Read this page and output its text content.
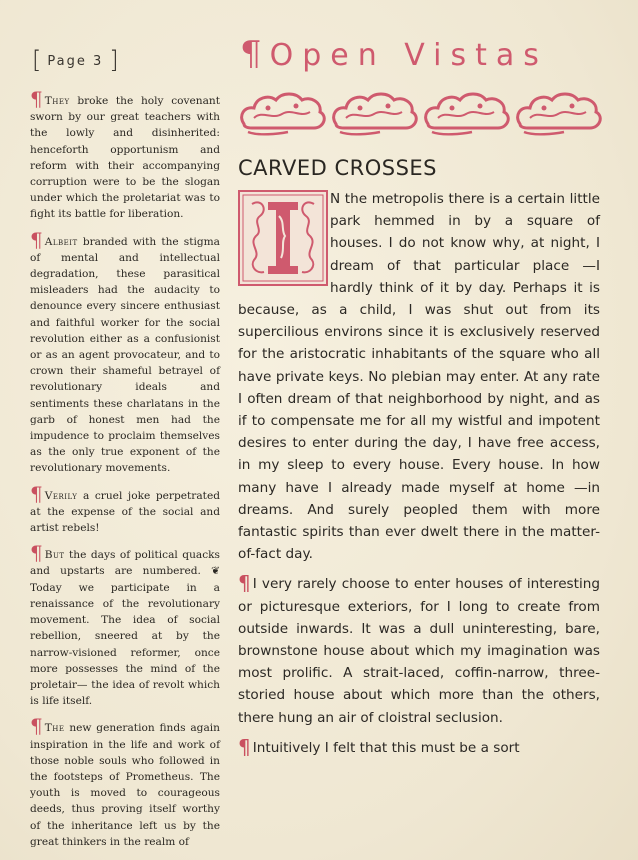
[ Page 3 ]	¶ Open Vistas

¶ They broke the holy covenant sworn by our great teachers with the lowly and disinherited: henceforth opportunism and reform with their accompanying corruption were to be the slogan under which the proletariat was to fight its battle for liberation.

¶ Albeit branded with the stigma of mental and intellectual degradation, these parasitical misleaders had the audacity to denounce every sincere enthusiast and faithful worker for the social revolution either as a confusionist or as an agent provocateur, and to crown their shameful betrayel of revolutionary ideals and sentiments these charlatans in the garb of honest men had the impudence to proclaim themselves as the only true exponent of the revolutionary movements.

¶ Verily a cruel joke perpetrated at the expense of the social and artist rebels!

¶ But the days of political quacks and upstarts are numbered. ❦ Today we participate in a renaissance of the revolutionary movement. The idea of social rebellion, sneered at by the narrow-visioned reformer, once more possesses the mind of the proletair— the idea of revolt which is life itself.

¶ The new generation finds again inspiration in the life and work of those noble souls who followed in the footsteps of Prometheus. The youth is moved to courageous deeds, thus proving itself worthy of the inheritance left us by the great thinkers in the realm of

CARVED CROSSES

N the metropolis there is a certain little park hemmed in by a square of houses. I do not know why, at night, I dream of that particular place —I hardly think of it by day. Perhaps it is because, as a child, I was shut out from its supercilious environs since it is exclusively reserved for the aristocratic inhabitants of the square who all have private keys. No plebian may enter. At any rate I often dream of that neighborhood by night, and as if to compensate me for all my wistful and impotent desires to enter during the day, I have free access, in my sleep to every house. Every house. In how many have I already made myself at home —in dreams. And surely peopled them with more fantastic spirits than ever dwelt there in the matter-of-fact day.

¶ I very rarely choose to enter houses of interesting or picturesque exteriors, for I long to create from outside inwards. It was a dull uninteresting, bare, brownstone house about which my imagination was most prolific. A strait-laced, coffin-narrow, three-storied house about which more than the others, there hung an air of cloistral seclusion.

¶ Intuitively I felt that this must be a sort
